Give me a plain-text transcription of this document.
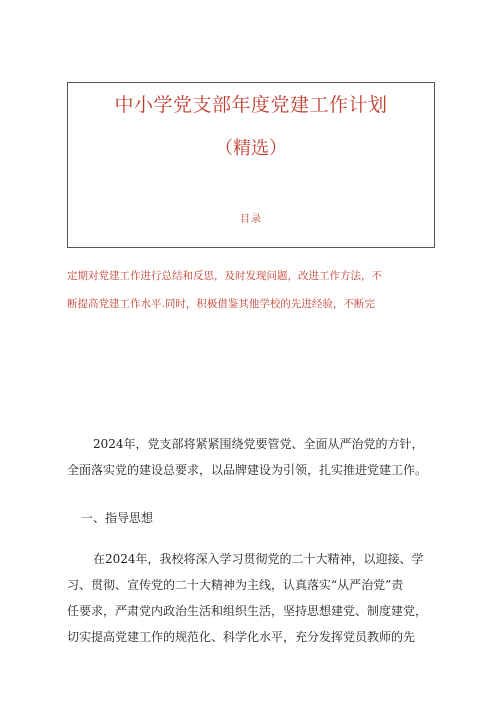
中小学党支部年度党建工作计划
（精选）
目录
定期对党建工作进行总结和反思，及时发现问题，改进工作方法，不
断提高党建工作水平.同时，积极借鉴其他学校的先进经验，不断完
2024年，党支部将紧紧围绕党要管党、全面从严治党的方针，
全面落实党的建设总要求，以品牌建设为引领，扎实推进党建工作。
一、指导思想
在2024年，我校将深入学习贯彻党的二十大精神，以迎接、学
习、贯彻、宣传党的二十大精神为主线，认真落实“从严治党”责
任要求，严肃党内政治生活和组织生活，坚持思想建党、制度建党，
切实提高党建工作的规范化、科学化水平，充分发挥党员教师的先
